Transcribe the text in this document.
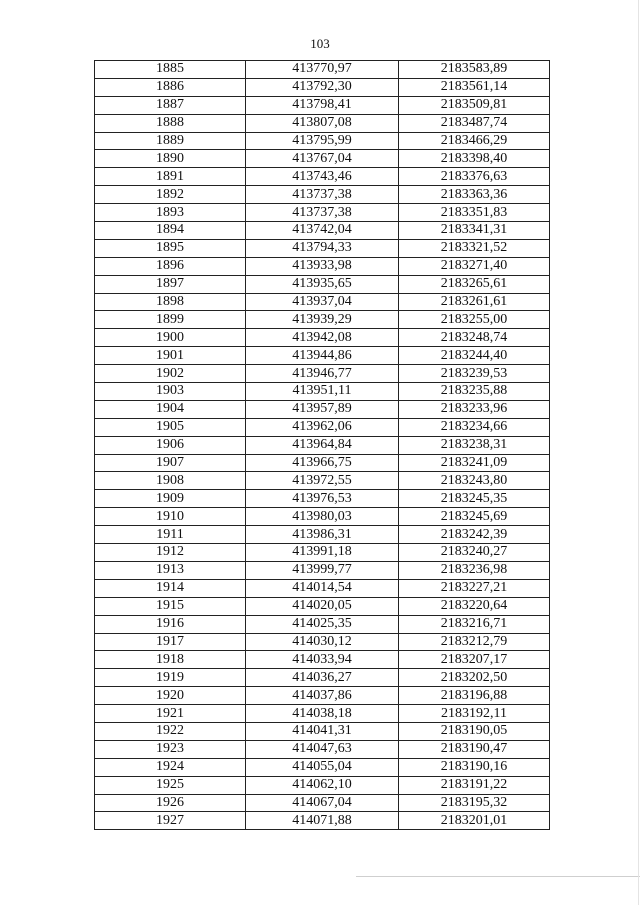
103
1885	413770,97	2183583,89
1886	413792,30	2183561,14
1887	413798,41	2183509,81
1888	413807,08	2183487,74
1889	413795,99	2183466,29
1890	413767,04	2183398,40
1891	413743,46	2183376,63
1892	413737,38	2183363,36
1893	413737,38	2183351,83
1894	413742,04	2183341,31
1895	413794,33	2183321,52
1896	413933,98	2183271,40
1897	413935,65	2183265,61
1898	413937,04	2183261,61
1899	413939,29	2183255,00
1900	413942,08	2183248,74
1901	413944,86	2183244,40
1902	413946,77	2183239,53
1903	413951,11	2183235,88
1904	413957,89	2183233,96
1905	413962,06	2183234,66
1906	413964,84	2183238,31
1907	413966,75	2183241,09
1908	413972,55	2183243,80
1909	413976,53	2183245,35
1910	413980,03	2183245,69
1911	413986,31	2183242,39
1912	413991,18	2183240,27
1913	413999,77	2183236,98
1914	414014,54	2183227,21
1915	414020,05	2183220,64
1916	414025,35	2183216,71
1917	414030,12	2183212,79
1918	414033,94	2183207,17
1919	414036,27	2183202,50
1920	414037,86	2183196,88
1921	414038,18	2183192,11
1922	414041,31	2183190,05
1923	414047,63	2183190,47
1924	414055,04	2183190,16
1925	414062,10	2183191,22
1926	414067,04	2183195,32
1927	414071,88	2183201,01
